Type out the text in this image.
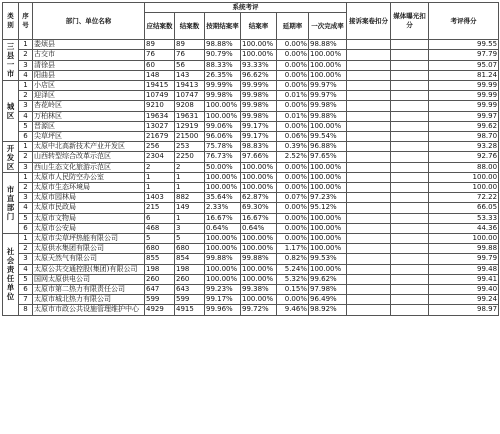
类别	序号	部门、单位名称	系统考评						接诉案卷扣分	媒体曝光扣分	考评得分
			应结案数	结案数	按期结案率	结案率	延期率	一次完成率			
三县一市	1	娄烦县	89	89	98.88%	100.00%	0.00%	98.88%			99.55
	2	古交市	76	76	90.79%	100.00%	0.00%	100.00%			97.79
	3	清徐县	60	56	88.33%	93.33%	0.00%	100.00%			95.07
	4	阳曲县	148	143	26.35%	96.62%	0.00%	100.00%			81.24
城区	1	小店区	19415	19413	99.99%	99.99%	0.00%	99.97%			99.99
	2	迎泽区	10749	10747	99.98%	99.98%	0.01%	99.97%			99.99
	3	杏花岭区	9210	9208	100.00%	99.98%	0.00%	99.98%			99.99
	4	万柏林区	19634	19631	100.00%	99.98%	0.01%	99.88%			99.97
	5	晋源区	13027	12919	99.06%	99.17%	0.00%	100.00%			99.62
	6	尖草坪区	21679	21500	96.06%	99.17%	0.06%	99.54%			98.70
开发区	1	太原中北高新技术产业开发区	256	253	75.78%	98.83%	0.39%	96.88%			93.28
	2	山西转型综合改革示范区	2304	2250	76.73%	97.66%	2.52%	97.65%			92.76
	3	西山生态文化旅游示范区	2	2	50.00%	100.00%	0.00%	100.00%			88.00
市直部门	1	太原市人民防空办公室	1	1	100.00%	100.00%	0.00%	100.00%			100.00
	2	太原市生态环境局	1	1	100.00%	100.00%	0.00%	100.00%			100.00
	3	太原市园林局	1403	882	35.64%	62.87%	0.07%	97.23%			72.22
	4	太原市民政局	215	149	2.33%	69.30%	0.00%	95.12%			66.05
	5	太原市文物局	6	1	16.67%	16.67%	0.00%	100.00%			53.33
	6	太原市公安局	468	3	0.64%	0.64%	0.00%	100.00%			44.36
社会责任单位	1	太原市尖草坪热能有限公司	5	5	100.00%	100.00%	0.00%	100.00%			100.00
	2	太原供水集团有限公司	680	680	100.00%	100.00%	1.17%	100.00%			99.88
	3	太原天然气有限公司	855	854	99.88%	99.88%	0.82%	99.53%			99.79
	4	太原公共交通控股(集团)有限公司	198	198	100.00%	100.00%	5.24%	100.00%			99.48
	5	国网太原供电公司	260	260	100.00%	100.00%	5.32%	99.62%			99.41
	6	太原市第二热力有限责任公司	647	643	99.23%	99.38%	0.15%	97.98%			99.40
	7	太原市城北热力有限公司	599	599	99.17%	100.00%	0.00%	96.49%			99.24
	8	太原市市政公共设施管理维护中心	4929	4915	99.96%	99.72%	9.46%	98.92%			98.97
